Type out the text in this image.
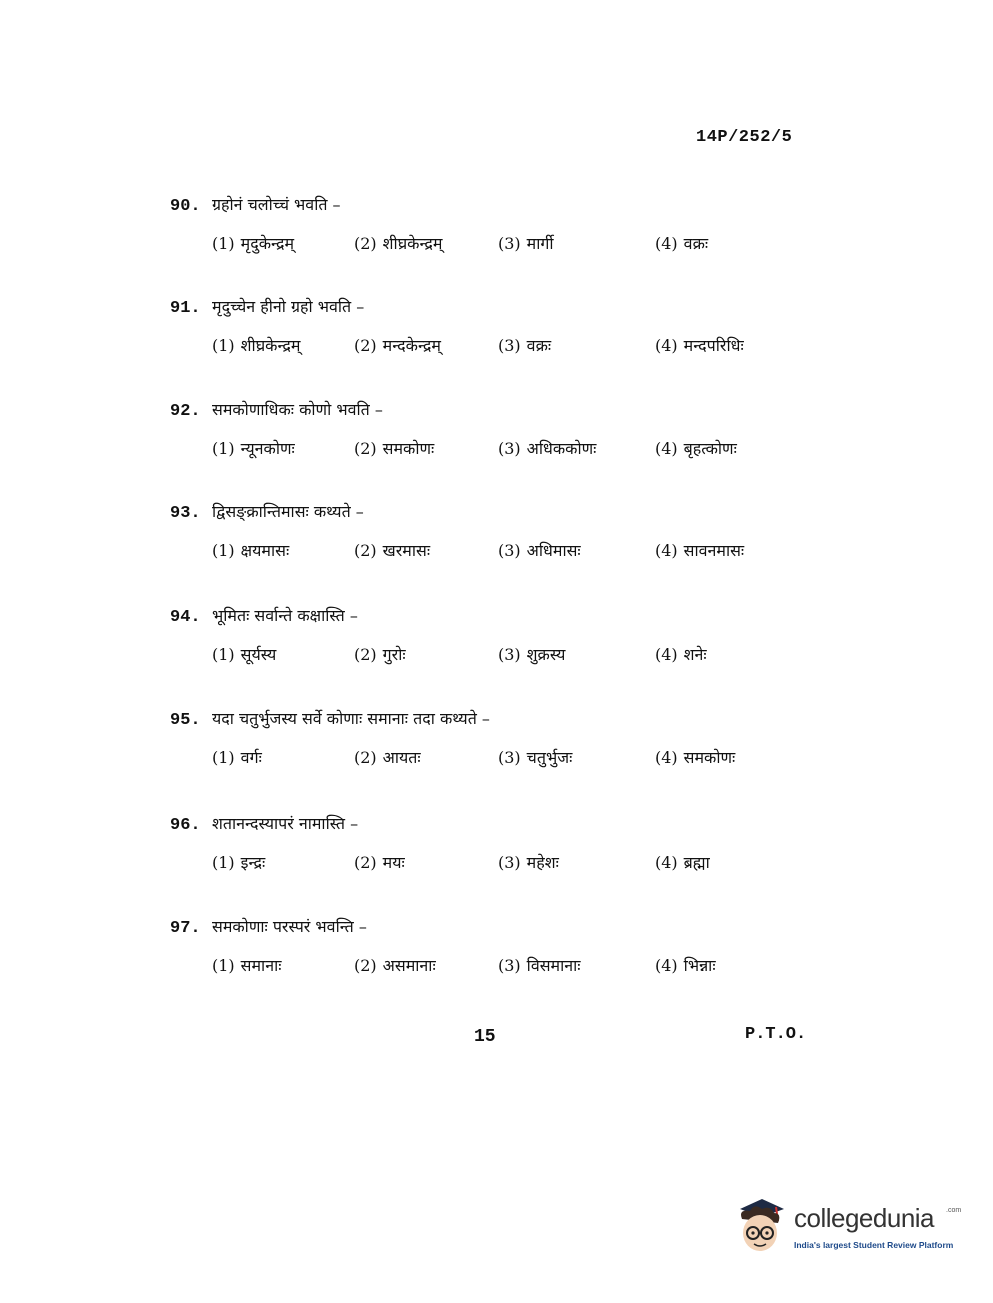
14P/252/5
90. ग्रहोनं चलोच्चं भवति –
(1) मृदुकेन्द्रम्	(2) शीघ्रकेन्द्रम्	(3) मार्गी	(4) वक्रः
91. मृदुच्चेन हीनो ग्रहो भवति –
(1) शीघ्रकेन्द्रम्	(2) मन्दकेन्द्रम्	(3) वक्रः	(4) मन्दपरिधिः
92. समकोणाधिकः कोणो भवति –
(1) न्यूनकोणः	(2) समकोणः	(3) अधिककोणः	(4) बृहत्कोणः
93. द्विसङ्क्रान्तिमासः कथ्यते –
(1) क्षयमासः	(2) खरमासः	(3) अधिमासः	(4) सावनमासः
94. भूमितः सर्वान्ते कक्षास्ति –
(1) सूर्यस्य	(2) गुरोः	(3) शुक्रस्य	(4) शनेः
95. यदा चतुर्भुजस्य सर्वे कोणाः समानाः तदा कथ्यते –
(1) वर्गः	(2) आयतः	(3) चतुर्भुजः	(4) समकोणः
96. शतानन्दस्यापरं नामास्ति –
(1) इन्द्रः	(2) मयः	(3) महेशः	(4) ब्रह्मा
97. समकोणाः परस्परं भवन्ति –
(1) समानाः	(2) असमानाः	(3) विसमानाः	(4) भिन्नाः
15	P.T.O.
collegedunia .com
India's largest Student Review Platform
